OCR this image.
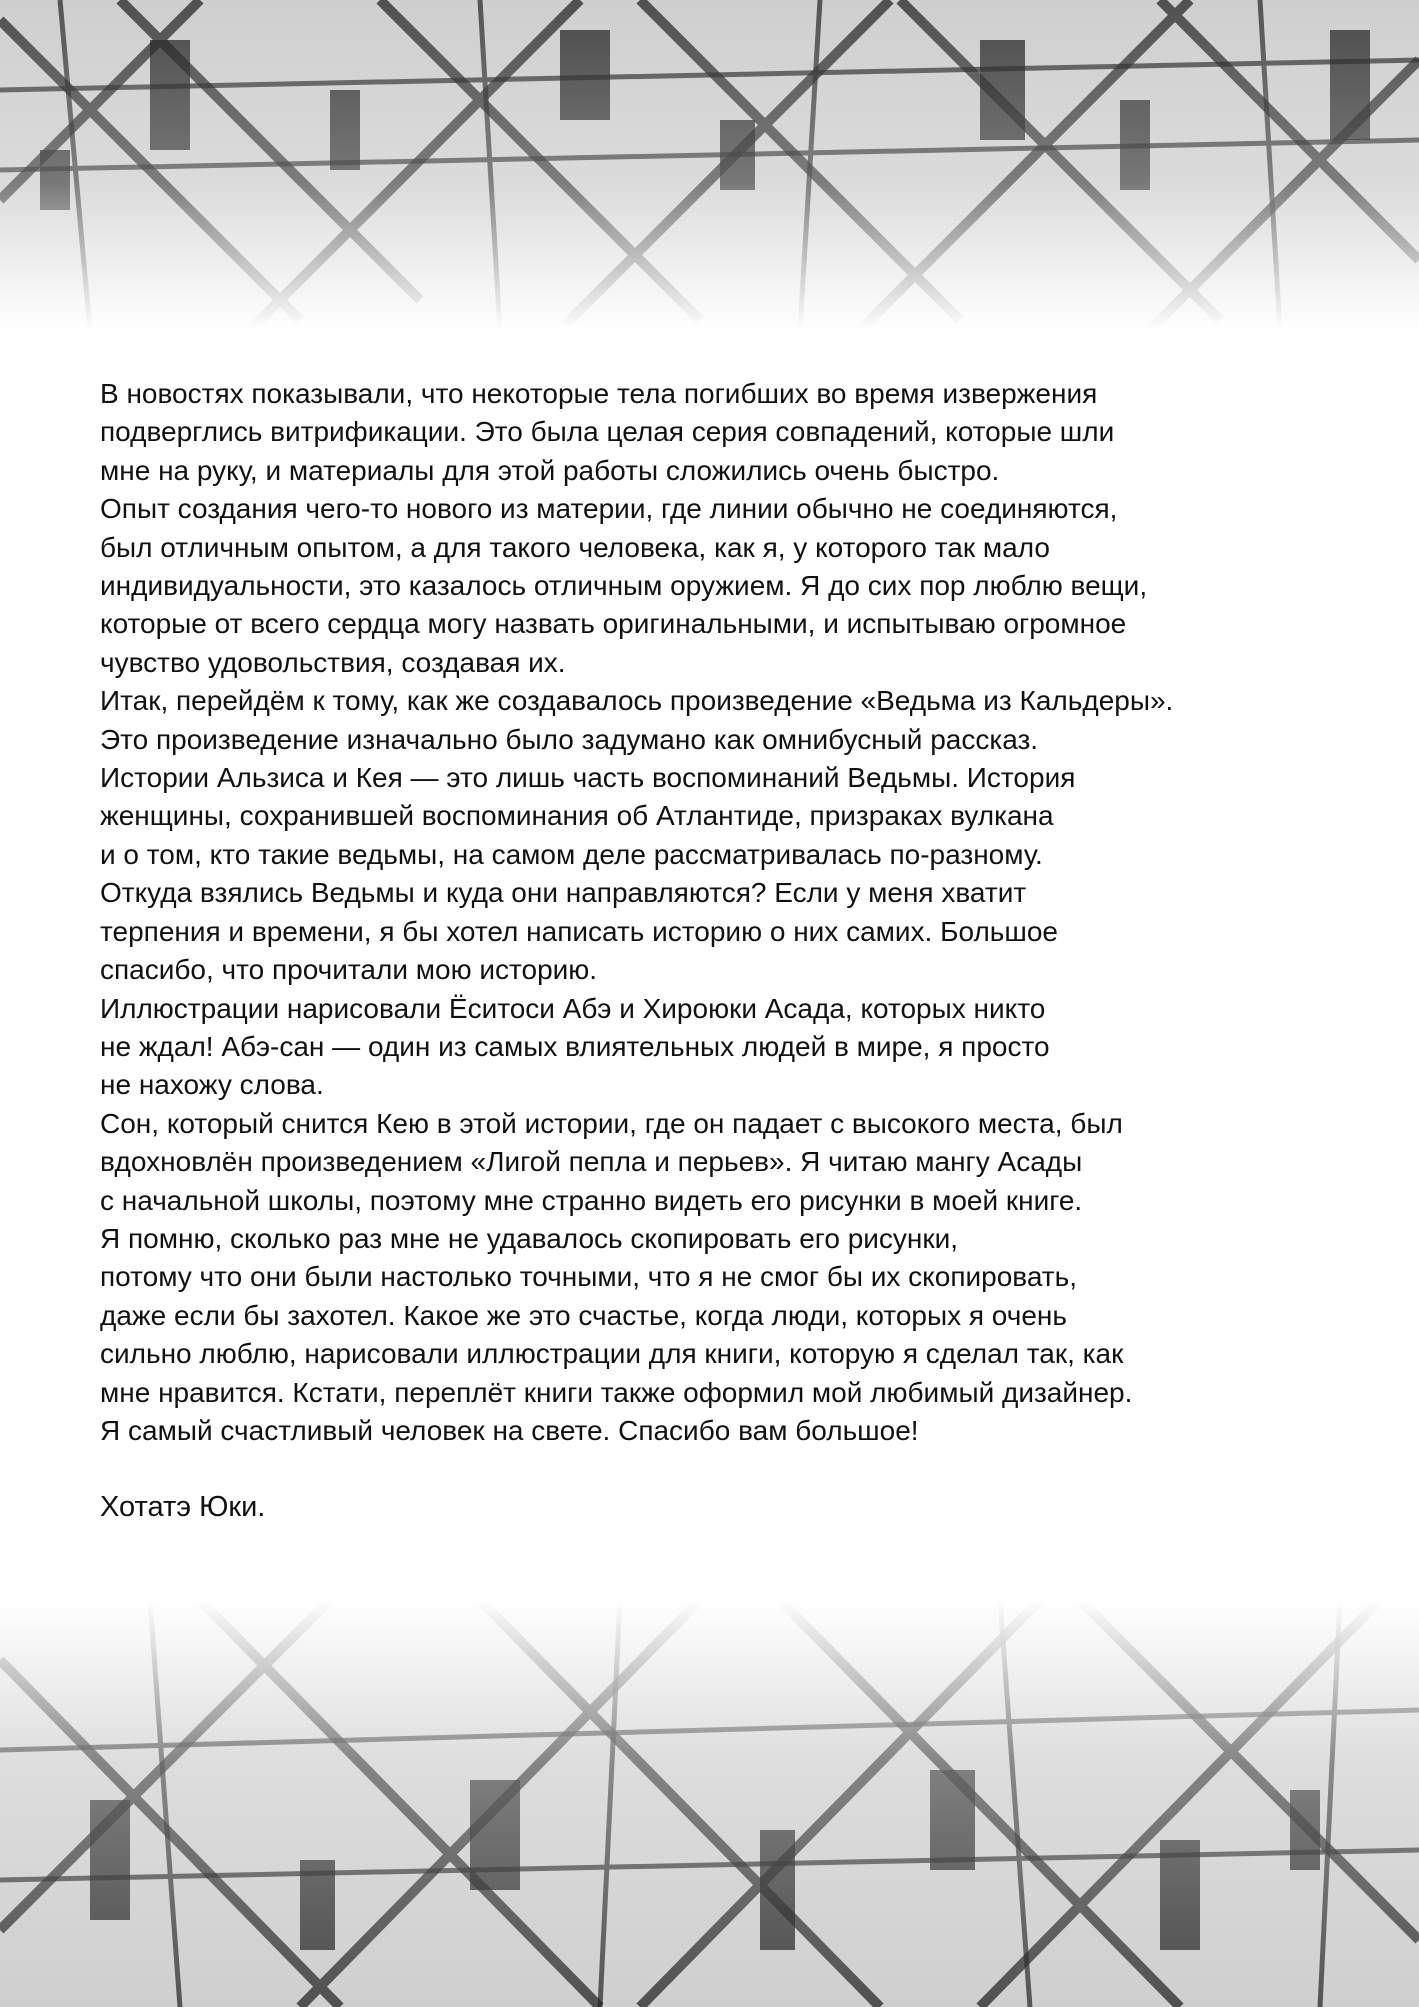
В новостях показывали, что некоторые тела погибших во время извержения
подверглись витрификации. Это была целая серия совпадений, которые шли
мне на руку, и материалы для этой работы сложились очень быстро.
Опыт создания чего-то нового из материи, где линии обычно не соединяются,
был отличным опытом, а для такого человека, как я, у которого так мало
индивидуальности, это казалось отличным оружием. Я до сих пор люблю вещи,
которые от всего сердца могу назвать оригинальными, и испытываю огромное
чувство удовольствия, создавая их.
Итак, перейдём к тому, как же создавалось произведение «Ведьма из Кальдеры».
Это произведение изначально было задумано как омнибусный рассказ.
Истории Альзиса и Кея — это лишь часть воспоминаний Ведьмы. История
женщины, сохранившей воспоминания об Атлантиде, призраках вулкана
и о том, кто такие ведьмы, на самом деле рассматривалась по-разному.
Откуда взялись Ведьмы и куда они направляются? Если у меня хватит
терпения и времени, я бы хотел написать историю о них самих. Большое
спасибо, что прочитали мою историю.
Иллюстрации нарисовали Ёситоси Абэ и Хироюки Асада, которых никто
не ждал! Абэ-сан — один из самых влиятельных людей в мире, я просто
не нахожу слова.
Сон, который снится Кею в этой истории, где он падает с высокого места, был
вдохновлён произведением «Лигой пепла и перьев». Я читаю мангу Асады
с начальной школы, поэтому мне странно видеть его рисунки в моей книге.
Я помню, сколько раз мне не удавалось скопировать его рисунки,
потому что они были настолько точными, что я не смог бы их скопировать,
даже если бы захотел. Какое же это счастье, когда люди, которых я очень
сильно люблю, нарисовали иллюстрации для книги, которую я сделал так, как
мне нравится. Кстати, переплёт книги также оформил мой любимый дизайнер.
Я самый счастливый человек на свете. Спасибо вам большое!
Хотатэ Юки.
